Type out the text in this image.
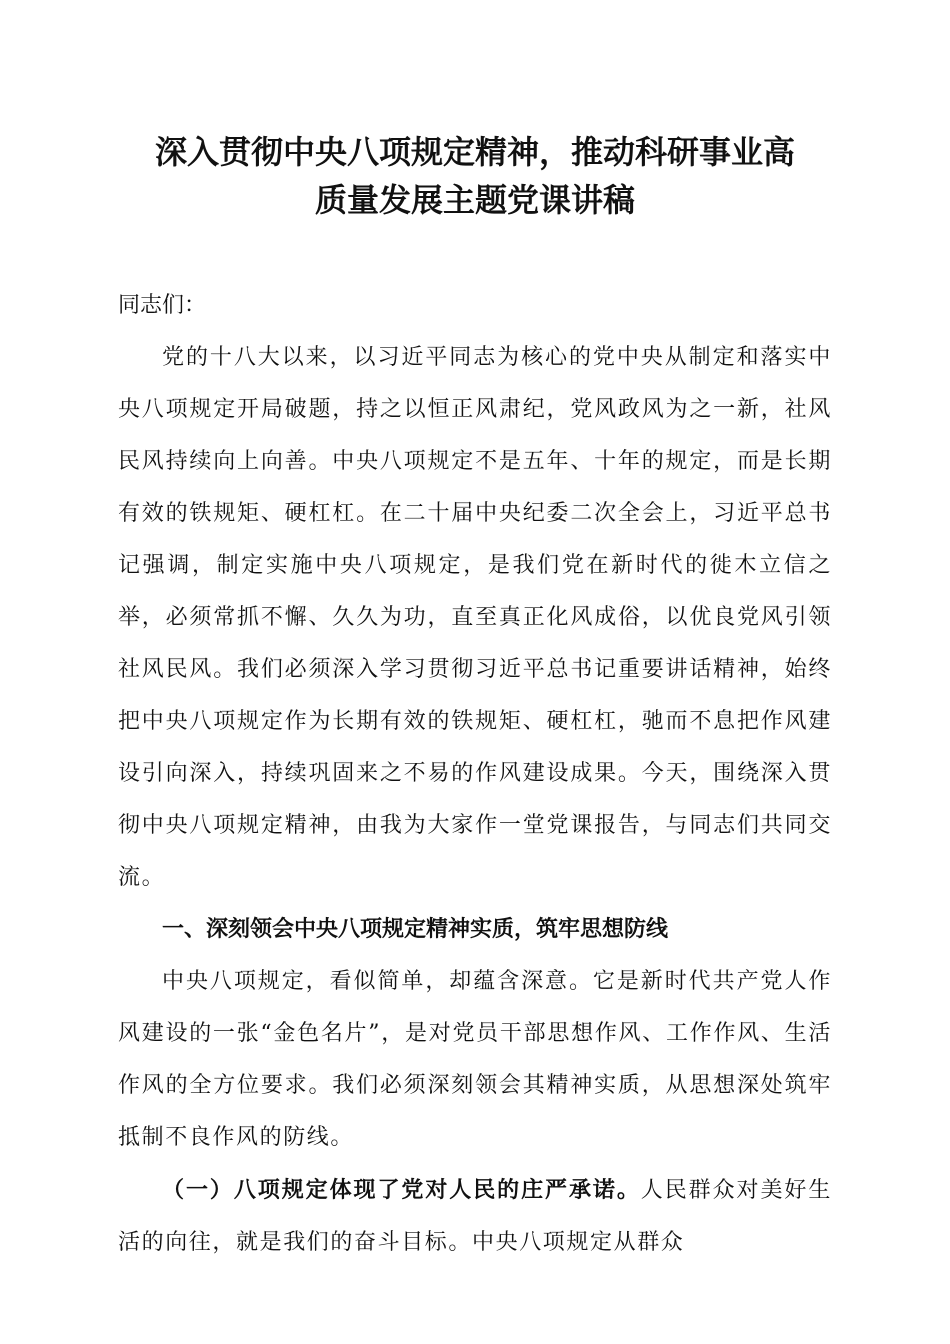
深入贯彻中央八项规定精神，推动科研事业高
质量发展主题党课讲稿

同志们：

党的十八大以来，以习近平同志为核心的党中央从制定和落实中央八项规定开局破题，持之以恒正风肃纪，党风政风为之一新，社风民风持续向上向善。中央八项规定不是五年、十年的规定，而是长期有效的铁规矩、硬杠杠。在二十届中央纪委二次全会上，习近平总书记强调，制定实施中央八项规定，是我们党在新时代的徙木立信之举，必须常抓不懈、久久为功，直至真正化风成俗，以优良党风引领社风民风。我们必须深入学习贯彻习近平总书记重要讲话精神，始终把中央八项规定作为长期有效的铁规矩、硬杠杠，驰而不息把作风建设引向深入，持续巩固来之不易的作风建设成果。今天，围绕深入贯彻中央八项规定精神，由我为大家作一堂党课报告，与同志们共同交流。

一、深刻领会中央八项规定精神实质，筑牢思想防线

中央八项规定，看似简单，却蕴含深意。它是新时代共产党人作风建设的一张“金色名片”，是对党员干部思想作风、工作作风、生活作风的全方位要求。我们必须深刻领会其精神实质，从思想深处筑牢抵制不良作风的防线。

（一）八项规定体现了党对人民的庄严承诺。人民群众对美好生活的向往，就是我们的奋斗目标。中央八项规定从群众
